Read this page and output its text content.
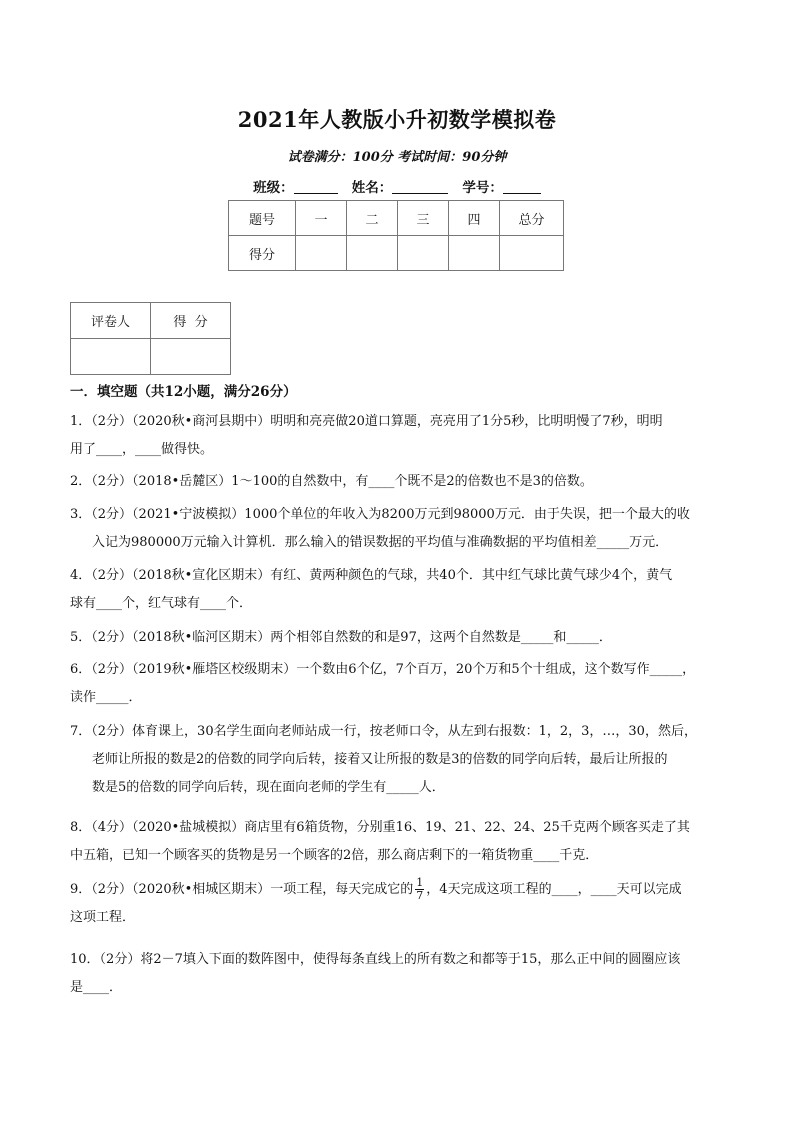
2021年人教版小升初数学模拟卷
试卷满分：100分 考试时间：90分钟
班级：	姓名：	学号：
题号	一	二	三	四	总分
得分					
评卷人	得  分

一．填空题（共12小题，满分26分）
1．（2分）（2020秋•商河县期中）明明和亮亮做20道口算题，亮亮用了1分5秒，比明明慢了7秒，明明
用了____，____做得快。
2．（2分）（2018•岳麓区）1～100的自然数中，有____个既不是2的倍数也不是3的倍数。
3．（2分）（2021•宁波模拟）1000个单位的年收入为8200万元到98000万元．由于失误，把一个最大的收
入记为980000万元输入计算机．那么输入的错误数据的平均值与准确数据的平均值相差_____万元．
4．（2分）（2018秋•宣化区期末）有红、黄两种颜色的气球，共40个．其中红气球比黄气球少4个，黄气
球有____个，红气球有____个．
5．（2分）（2018秋•临河区期末）两个相邻自然数的和是97，这两个自然数是_____和_____．
6．（2分）（2019秋•雁塔区校级期末）一个数由6个亿，7个百万，20个万和5个十组成，这个数写作_____，
读作_____．
7．（2分）体育课上，30名学生面向老师站成一行，按老师口令，从左到右报数：1，2，3，…，30，然后，
老师让所报的数是2的倍数的同学向后转，接着又让所报的数是3的倍数的同学向后转，最后让所报的
数是5的倍数的同学向后转，现在面向老师的学生有_____人．
8．（4分）（2020•盐城模拟）商店里有6箱货物，分别重16、19、21、22、24、25千克两个顾客买走了其
中五箱，已知一个顾客买的货物是另一个顾客的2倍，那么商店剩下的一箱货物重____千克．
9．（2分）（2020秋•相城区期末）一项工程，每天完成它的 $\frac{1}{7}$ ，4天完成这项工程的____，____天可以完成
这项工程．
10．（2分）将2－7填入下面的数阵图中，使得每条直线上的所有数之和都等于15，那么正中间的圆圈应该
是____．
